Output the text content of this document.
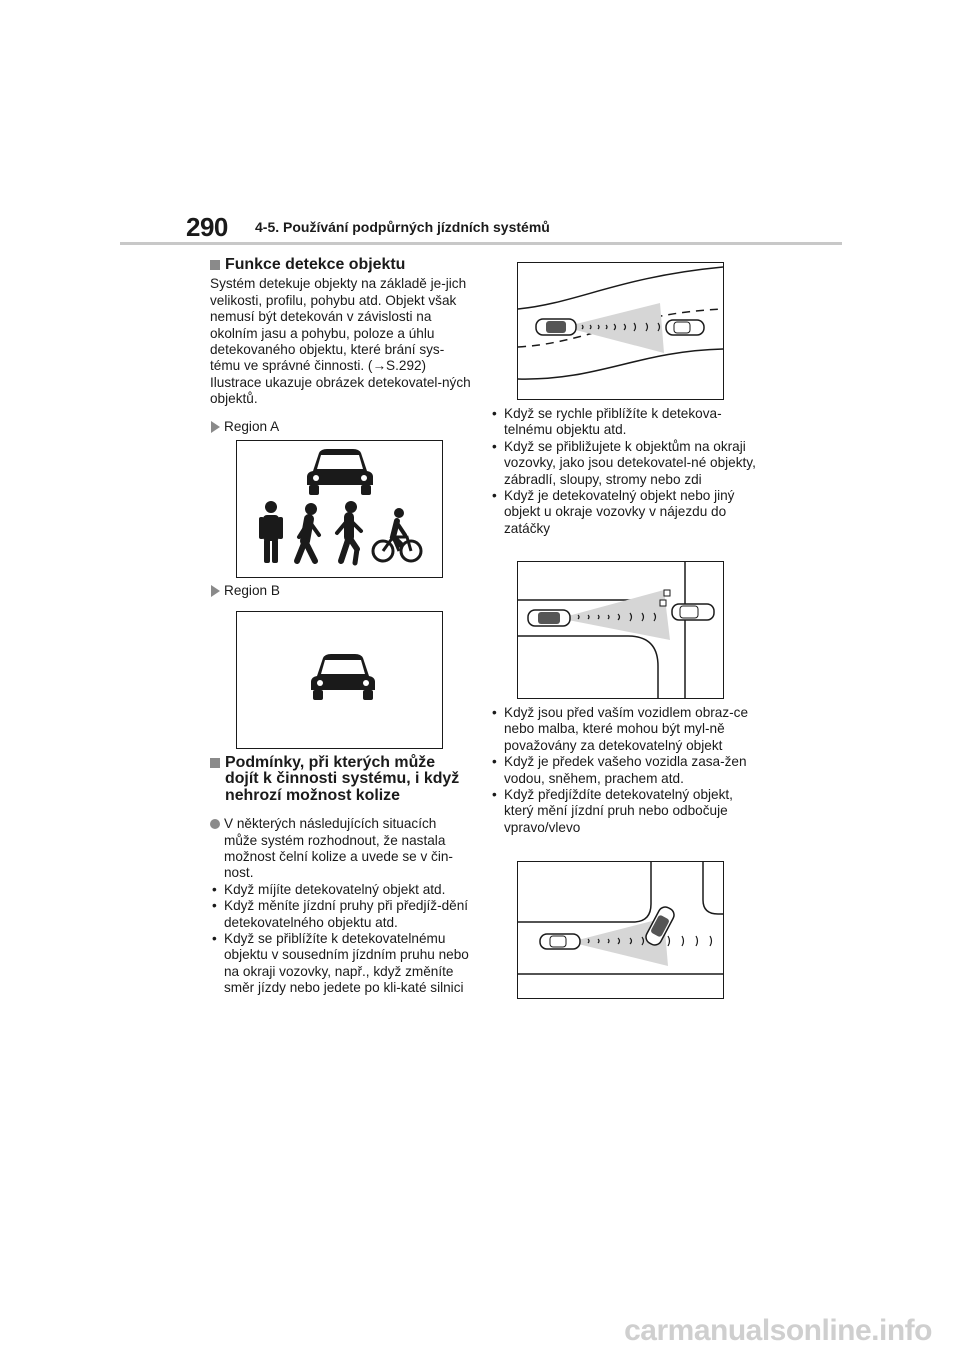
290 4-5. Používání podpůrných jízdních systémů
Funkce detekce objektu

Systém detekuje objekty na základě je-jich velikosti, profilu, pohybu atd. Objekt však nemusí být detekován v závislosti na okolním jasu a pohybu, poloze a úhlu detekovaného objektu, které brání sys-tému ve správné činnosti. (→S.292) Ilustrace ukazuje obrázek detekovatel-ných objektů.

Region A
Region B
Podmínky, při kterých může dojít k činnosti systému, i když nehrozí možnost kolize
V některých následujících situacích může systém rozhodnout, že nastala možnost čelní kolize a uvede se v čin-nost.
• Když míjíte detekovatelný objekt atd.
• Když měníte jízdní pruhy při předjíž-dění detekovatelného objektu atd.
• Když se přiblížíte k detekovatelnému objektu v sousedním jízdním pruhu nebo na okraji vozovky, např., když změníte směr jízdy nebo jedete po kli-katé silnici
• Když se rychle přiblížíte k detekova-telnému objektu atd.
• Když se přibližujete k objektům na okraji vozovky, jako jsou detekovatel-né objekty, zábradlí, sloupy, stromy nebo zdi
• Když je detekovatelný objekt nebo jiný objekt u okraje vozovky v nájezdu do zatáčky
• Když jsou před vaším vozidlem obraz-ce nebo malba, které mohou být myl-ně považovány za detekovatelný objekt
• Když je předek vašeho vozidla zasa-žen vodou, sněhem, prachem atd.
• Když předjíždíte detekovatelný objekt, který mění jízdní pruh nebo odbočuje vpravo/vlevo
carmanualsonline.info
